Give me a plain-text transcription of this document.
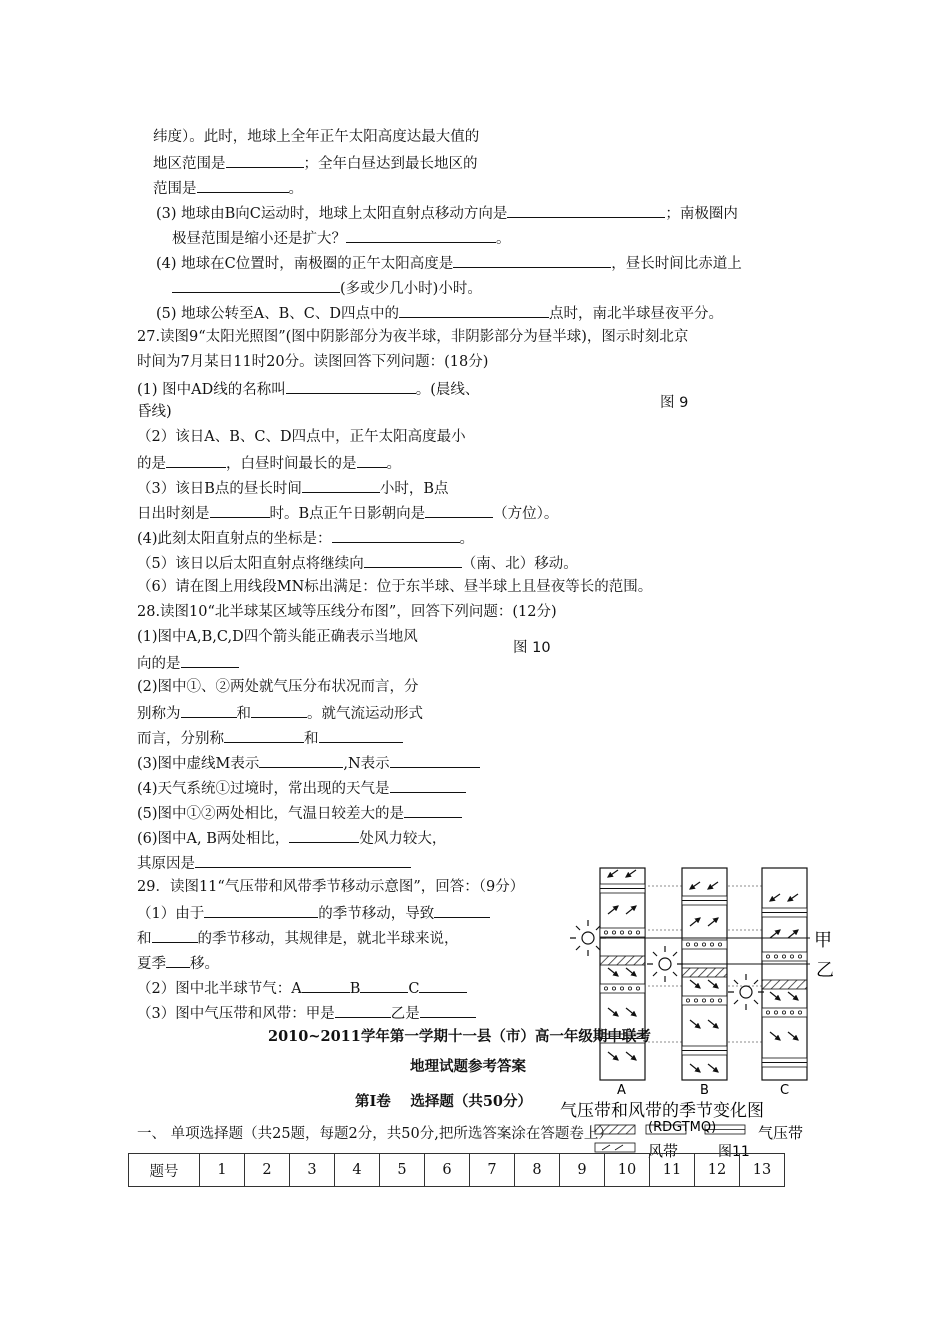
纬度）。此时，地球上全年正午太阳高度达最大值的
地区范围是	；全年白昼达到最长地区的
范围是	。
(3) 地球由B向C运动时，地球上太阳直射点移动方向是	；南极圈内
极昼范围是缩小还是扩大？	。
(4) 地球在C位置时，南极圈的正午太阳高度是	，昼长时间比赤道上
(多或少几小时)小时。
(5) 地球公转至A、B、C、D四点中的	点时，南北半球昼夜平分。
27.读图9“太阳光照图”(图中阴影部分为夜半球，非阴影部分为昼半球)，图示时刻北京
时间为7月某日11时20分。读图回答下列问题：(18分)
(1) 图中AD线的名称叫	。(晨线、
昏线)
图 9
（2）该日A、B、C、D四点中，正午太阳高度最小
的是	，白昼时间最长的是 。
（3）该日B点的昼长时间	小时，B点
日出时刻是	时。B点正午日影朝向是	（方位）。
(4)此刻太阳直射点的坐标是：	。
（5）该日以后太阳直射点将继续向	（南、北）移动。
（6）请在图上用线段MN标出满足：位于东半球、昼半球上且昼夜等长的范围。
28.读图10“北半球某区域等压线分布图”，回答下列问题：(12分)
(1)图中A,B,C,D四个箭头能正确表示当地风
图 10
向的是
(2)图中①、②两处就气压分布状况而言，分
别称为	和	。就气流运动形式
而言，分别称	和
(3)图中虚线M表示	,N表示
(4)天气系统①过境时，常出现的天气是
(5)图中①②两处相比，气温日较差大的是
(6)图中A, B两处相比，	处风力较大，
其原因是
29．读图11“气压带和风带季节移动示意图”，回答：（9分）
（1）由于	的季节移动，导致
和	的季节移动，其规律是，就北半球来说，
夏季 移。
（2）图中北半球节气：A	B	C
（3）图中气压带和风带：甲是	乙是
甲
乙
A	B	C
气压带和风带的季节变化图
(RDGTMQ)	气压带
风带	图11
2010~2011学年第一学期十一县（市）高一年级期中联考
地理试题参考答案
第Ⅰ卷　 选择题（共50分）
一、 单项选择题（共25题，每题2分，共50分,把所选答案涂在答题卷上）
题号	1	2	3	4	5	6	7	8	9	10	11	12	13
